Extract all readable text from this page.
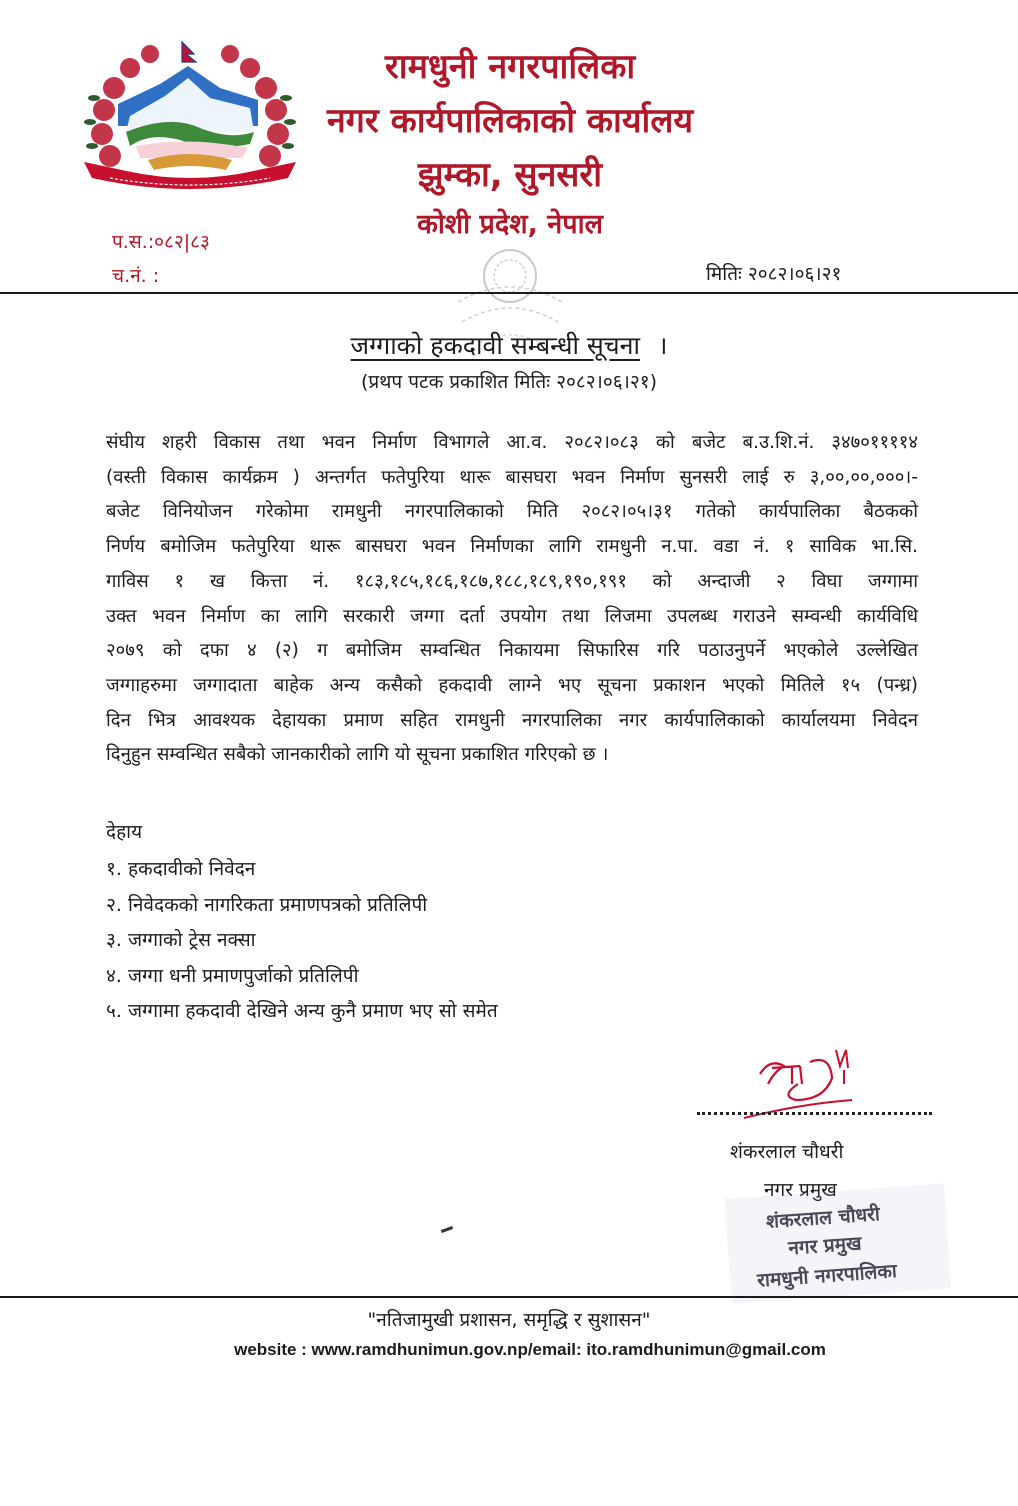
रामधुनी नगरपालिका
नगर कार्यपालिकाको कार्यालय
झुम्का, सुनसरी
कोशी प्रदेश, नेपाल
प.स.:०८२|८३
च.नं. :	मितिः २०८२।०६।२१
जग्गाको हकदावी सम्बन्धी सूचना ।
(प्रथप पटक प्रकाशित मितिः २०८२।०६।२१)
संघीय शहरी विकास तथा भवन निर्माण विभागले आ.व. २०८२।०८३ को बजेट ब.उ.शि.नं. ३४७०११११४
(वस्ती विकास कार्यक्रम ) अन्तर्गत फतेपुरिया थारू बासघरा भवन निर्माण सुनसरी लाई रु ३,००,००,०००।-
बजेट विनियोजन गरेकोमा रामधुनी नगरपालिकाको मिति २०८२।०५।३१ गतेको कार्यपालिका बैठकको
निर्णय बमोजिम फतेपुरिया थारू बासघरा भवन निर्माणका लागि रामधुनी न.पा. वडा नं. १ साविक भा.सि.
गाविस १ ख कित्ता नं. १८३,१८५,१८६,१८७,१८८,१८९,१९०,१९१ को अन्दाजी २ विघा जग्गामा
उक्त भवन निर्माण का लागि सरकारी जग्गा दर्ता उपयोग तथा लिजमा उपलब्ध गराउने सम्वन्धी कार्यविधि
२०७९ को दफा ४ (२) ग बमोजिम सम्वन्धित निकायमा सिफारिस गरि पठाउनुपर्ने भएकोले उल्लेखित
जग्गाहरुमा जग्गादाता बाहेक अन्य कसैको हकदावी लाग्ने भए सूचना प्रकाशन भएको मितिले १५ (पन्ध्र)
दिन भित्र आवश्यक देहायका प्रमाण सहित रामधुनी नगरपालिका नगर कार्यपालिकाको कार्यालयमा निवेदन
दिनुहुन सम्वन्धित सबैको जानकारीको लागि यो सूचना प्रकाशित गरिएको छ ।
देहाय
१. हकदावीको निवेदन
२. निवेदकको नागरिकता प्रमाणपत्रको प्रतिलिपी
३. जग्गाको ट्रेस नक्सा
४. जग्गा धनी प्रमाणपुर्जाको प्रतिलिपी
५. जग्गामा हकदावी देखिने अन्य कुनै प्रमाण भए सो समेत
शंकरलाल चौधरी
नगर प्रमुख
शंकरलाल चौधरी
नगर प्रमुख
रामधुनी नगरपालिका
"नतिजामुखी प्रशासन, समृद्धि र सुशासन"
website : www.ramdhunimun.gov.np/email: ito.ramdhunimun@gmail.com
